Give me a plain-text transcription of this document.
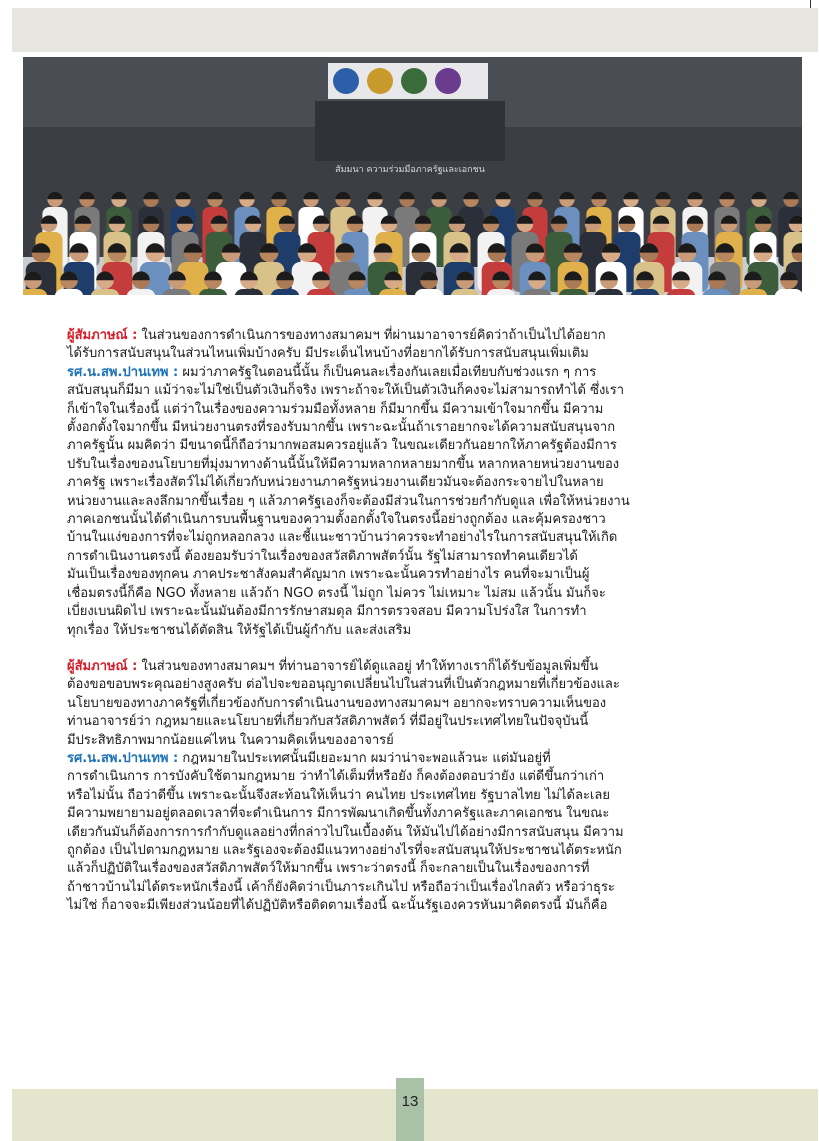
สัมมนา ความร่วมมือภาครัฐและเอกชน

ผู้สัมภาษณ์ : ในส่วนของการดำเนินการของทางสมาคมฯ ที่ผ่านมาอาจารย์คิดว่าถ้าเป็นไปได้อยาก
ได้รับการสนับสนุนในส่วนไหนเพิ่มบ้างครับ มีประเด็นไหนบ้างที่อยากได้รับการสนับสนุนเพิ่มเติม

รศ.น.สพ.ปานเทพ : ผมว่าภาครัฐในตอนนี้นั้น ก็เป็นคนละเรื่องกันเลยเมื่อเทียบกับช่วงแรก ๆ การ
สนับสนุนก็มีมา แม้ว่าจะไม่ใช่เป็นตัวเงินก็จริง เพราะถ้าจะให้เป็นตัวเงินก็คงจะไม่สามารถทำได้ ซึ่งเรา
ก็เข้าใจในเรื่องนี้ แต่ว่าในเรื่องของความร่วมมือทั้งหลาย ก็มีมากขึ้น มีความเข้าใจมากขึ้น มีความ
ตั้งอกตั้งใจมากขึ้น มีหน่วยงานตรงที่รองรับมากขึ้น เพราะฉะนั้นถ้าเราอยากจะได้ความสนับสนุนจาก
ภาครัฐนั้น ผมคิดว่า มีขนาดนี้ก็ถือว่ามากพอสมควรอยู่แล้ว ในขณะเดียวกันอยากให้ภาครัฐต้องมีการ
ปรับในเรื่องของนโยบายที่มุ่งมาทางด้านนี้นั้นให้มีความหลากหลายมากขึ้น หลากหลายหน่วยงานของ
ภาครัฐ เพราะเรื่องสัตว์ไม่ได้เกี่ยวกับหน่วยงานภาครัฐหน่วยงานเดียวมันจะต้องกระจายไปในหลาย
หน่วยงานและลงลึกมากขึ้นเรื่อย ๆ แล้วภาครัฐเองก็จะต้องมีส่วนในการช่วยกำกับดูแล เพื่อให้หน่วยงาน
ภาคเอกชนนั้นได้ดำเนินการบนพื้นฐานของความตั้งอกตั้งใจในตรงนี้อย่างถูกต้อง และคุ้มครองชาว
บ้านในแง่ของการที่จะไม่ถูกหลอกลวง และชี้แนะชาวบ้านว่าควรจะทำอย่างไรในการสนับสนุนให้เกิด
การดำเนินงานตรงนี้ ต้องยอมรับว่าในเรื่องของสวัสดิภาพสัตว์นั้น รัฐไม่สามารถทำคนเดียวได้
มันเป็นเรื่องของทุกคน ภาคประชาสังคมสำคัญมาก เพราะฉะนั้นควรทำอย่างไร คนที่จะมาเป็นผู้
เชื่อมตรงนี้ก็คือ NGO ทั้งหลาย แล้วถ้า NGO ตรงนี้ ไม่ถูก ไม่ควร ไม่เหมาะ ไม่สม แล้วนั้น มันก็จะ
เบี่ยงเบนผิดไป เพราะฉะนั้นมันต้องมีการรักษาสมดุล มีการตรวจสอบ มีความโปร่งใส ในการทำ
ทุกเรื่อง ให้ประชาชนได้ตัดสิน ให้รัฐได้เป็นผู้กำกับ และส่งเสริม

ผู้สัมภาษณ์ : ในส่วนของทางสมาคมฯ ที่ท่านอาจารย์ได้ดูแลอยู่ ทำให้ทางเราก็ได้รับข้อมูลเพิ่มขึ้น
ต้องขอขอบพระคุณอย่างสูงครับ ต่อไปจะขออนุญาตเปลี่ยนไปในส่วนที่เป็นตัวกฎหมายที่เกี่ยวข้องและ
นโยบายของทางภาครัฐที่เกี่ยวข้องกับการดำเนินงานของทางสมาคมฯ อยากจะทราบความเห็นของ
ท่านอาจารย์ว่า กฎหมายและนโยบายที่เกี่ยวกับสวัสดิภาพสัตว์ ที่มีอยู่ในประเทศไทยในปัจจุบันนี้
มีประสิทธิภาพมากน้อยแค่ไหน ในความคิดเห็นของอาจารย์

รศ.น.สพ.ปานเทพ : กฎหมายในประเทศนั้นมีเยอะมาก ผมว่าน่าจะพอแล้วนะ แต่มันอยู่ที่
การดำเนินการ การบังคับใช้ตามกฎหมาย ว่าทำได้เต็มที่หรือยัง ก็คงต้องตอบว่ายัง แต่ดีขึ้นกว่าเก่า
หรือไม่นั้น ถือว่าดีขึ้น เพราะฉะนั้นจึงสะท้อนให้เห็นว่า คนไทย ประเทศไทย รัฐบาลไทย ไม่ได้ละเลย
มีความพยายามอยู่ตลอดเวลาที่จะดำเนินการ มีการพัฒนาเกิดขึ้นทั้งภาครัฐและภาคเอกชน ในขณะ
เดียวกันมันก็ต้องการการกำกับดูแลอย่างที่กล่าวไปในเบื้องต้น ให้มันไปได้อย่างมีการสนับสนุน มีความ
ถูกต้อง เป็นไปตามกฎหมาย และรัฐเองจะต้องมีแนวทางอย่างไรที่จะสนับสนุนให้ประชาชนได้ตระหนัก
แล้วก็ปฏิบัติในเรื่องของสวัสดิภาพสัตว์ให้มากขึ้น เพราะว่าตรงนี้ ก็จะกลายเป็นในเรื่องของการที่
ถ้าชาวบ้านไม่ได้ตระหนักเรื่องนี้ เค้าก็ยังคิดว่าเป็นภาระเกินไป หรือถือว่าเป็นเรื่องไกลตัว หรือว่าธุระ
ไม่ใช่ ก็อาจจะมีเพียงส่วนน้อยที่ได้ปฏิบัติหรือติดตามเรื่องนี้ ฉะนั้นรัฐเองควรหันมาคิดตรงนี้ มันก็คือ

13
